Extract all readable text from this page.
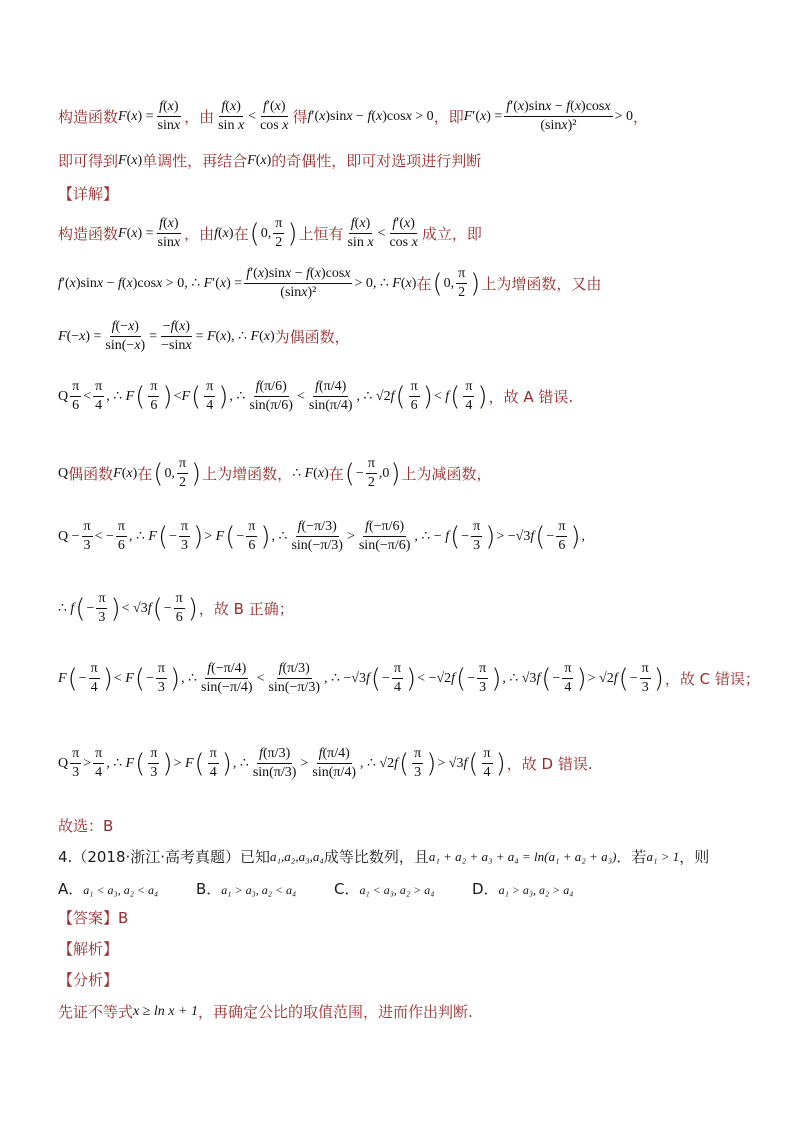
构造函数 F ( x ) = $\frac{f(x)}{\sin x}$ ，由 $\frac{f(x)}{\text{sin x}} < \frac{f'(x)}{\text{cos x}}$ 得 f′(x)sinx − f(x)cosx > 0 ，即 F ′( x ) = $\frac{f'(x)\sin x - f(x)\cos x}{\text{(sinx)²}} > 0$ ，
即可得到 F ( x ) 单调性，再结合 F ( x ) 的奇偶性，即可对选项进行判断
【详解】
构造函数 F ( x ) = $\frac{f(x)}{\sin x}$ ，由 f ( x ) 在 ( 0, $\frac{\pi}{2}$ ) 上恒有 $\frac{f(x)}{\text{sin x}} < \frac{f'(x)}{\text{cos x}}$ 成立，即
f′(x)sinx − f(x)cosx > 0, ∴ $F'(x) = \frac{f'(x)\sin x - f(x)\cos x}{\text{(sinx)²}} > 0$, ∴ F(x) 在 ( 0, $\frac{\pi}{2}$ ) 上为增函数，又由
$F(-x) = \frac{f(-x)}{\sin(-x)} = \frac{-f(x)}{-\sin x} = F(x)$, ∴ F(x) 为偶函数，
Q $\frac{\pi}{6} < \frac{\pi}{4}$ , ∴ F ( $\frac{\pi}{6}$ ) <F ( $\frac{\pi}{4}$ ) , ∴ $\frac{f(\pi/6)}{\sin(\pi/6)} < \frac{f(\pi/4)}{\sin(\pi/4)}$ , ∴ √2f ( $\frac{\pi}{6}$ ) < f ( $\frac{\pi}{4}$ ) ，故 A 错误.
Q 偶函数 F ( x ) 在 ( 0, $\frac{\pi}{2}$ ) 上为增函数， ∴ F(x) 在 ( − $\frac{\pi}{2} ,0$ ) 上为减函数，
$Q - \frac{\pi}{3}$ < − $\frac{\pi}{6}$ , ∴ F ( − $\frac{\pi}{3}$ ) > F ( − $\frac{\pi}{6}$ ) , ∴ $\frac{f(-\pi/3)}{\sin(-\pi/3)} > \frac{f(-\pi/6)}{\sin(-\pi/6)}$ , ∴ − f ( − $\frac{\pi}{3}$ ) > −√3f ( − $\frac{\pi}{6}$ ) ,
∴ f ( − $\frac{\pi}{3}$ ) < √3f ( − $\frac{\pi}{6}$ ) ，故 B 正确；
F ( − $\frac{\pi}{4}$ ) < F ( − $\frac{\pi}{3}$ ) , ∴ $\frac{f(-\pi/4)}{\sin(-\pi/4)} < \frac{f(\pi/3)}{\sin(-\pi/3)}$ , ∴ −√3f ( − $\frac{\pi}{4}$ ) < −√2f ( − $\frac{\pi}{3}$ ) , ∴ √3f ( − $\frac{\pi}{4}$ ) > √2f ( − $\frac{\pi}{3}$ ) ，故 C 错误；
Q $\frac{\pi}{3} > \frac{\pi}{4}$ , ∴ F ( $\frac{\pi}{3}$ ) > F ( $\frac{\pi}{4}$ ) , ∴ $\frac{f(\pi/3)}{\sin(\pi/3)} > \frac{f(\pi/4)}{\sin(\pi/4)}$ , ∴ √2f ( $\frac{\pi}{3}$ ) > √3f ( $\frac{\pi}{4}$ ) ，故 D 错误.
故选：B
4. （2018·浙江·高考真题）已知 a₁,a₂,a₃,a₄ 成等比数列，且 a₁ + a₂ + a₃ + a₄ = ln(a₁ + a₂ + a₃) ．若 a₁ > 1 ，则
A．a₁ < a₃, a₂ < a₄	B．a₁ > a₃, a₂ < a₄	C．a₁ < a₃, a₂ > a₄	D．a₁ > a₃, a₂ > a₄
【答案】B
【解析】
【分析】
先证不等式 x ≥ ln x + 1 ，再确定公比的取值范围，进而作出判断.
